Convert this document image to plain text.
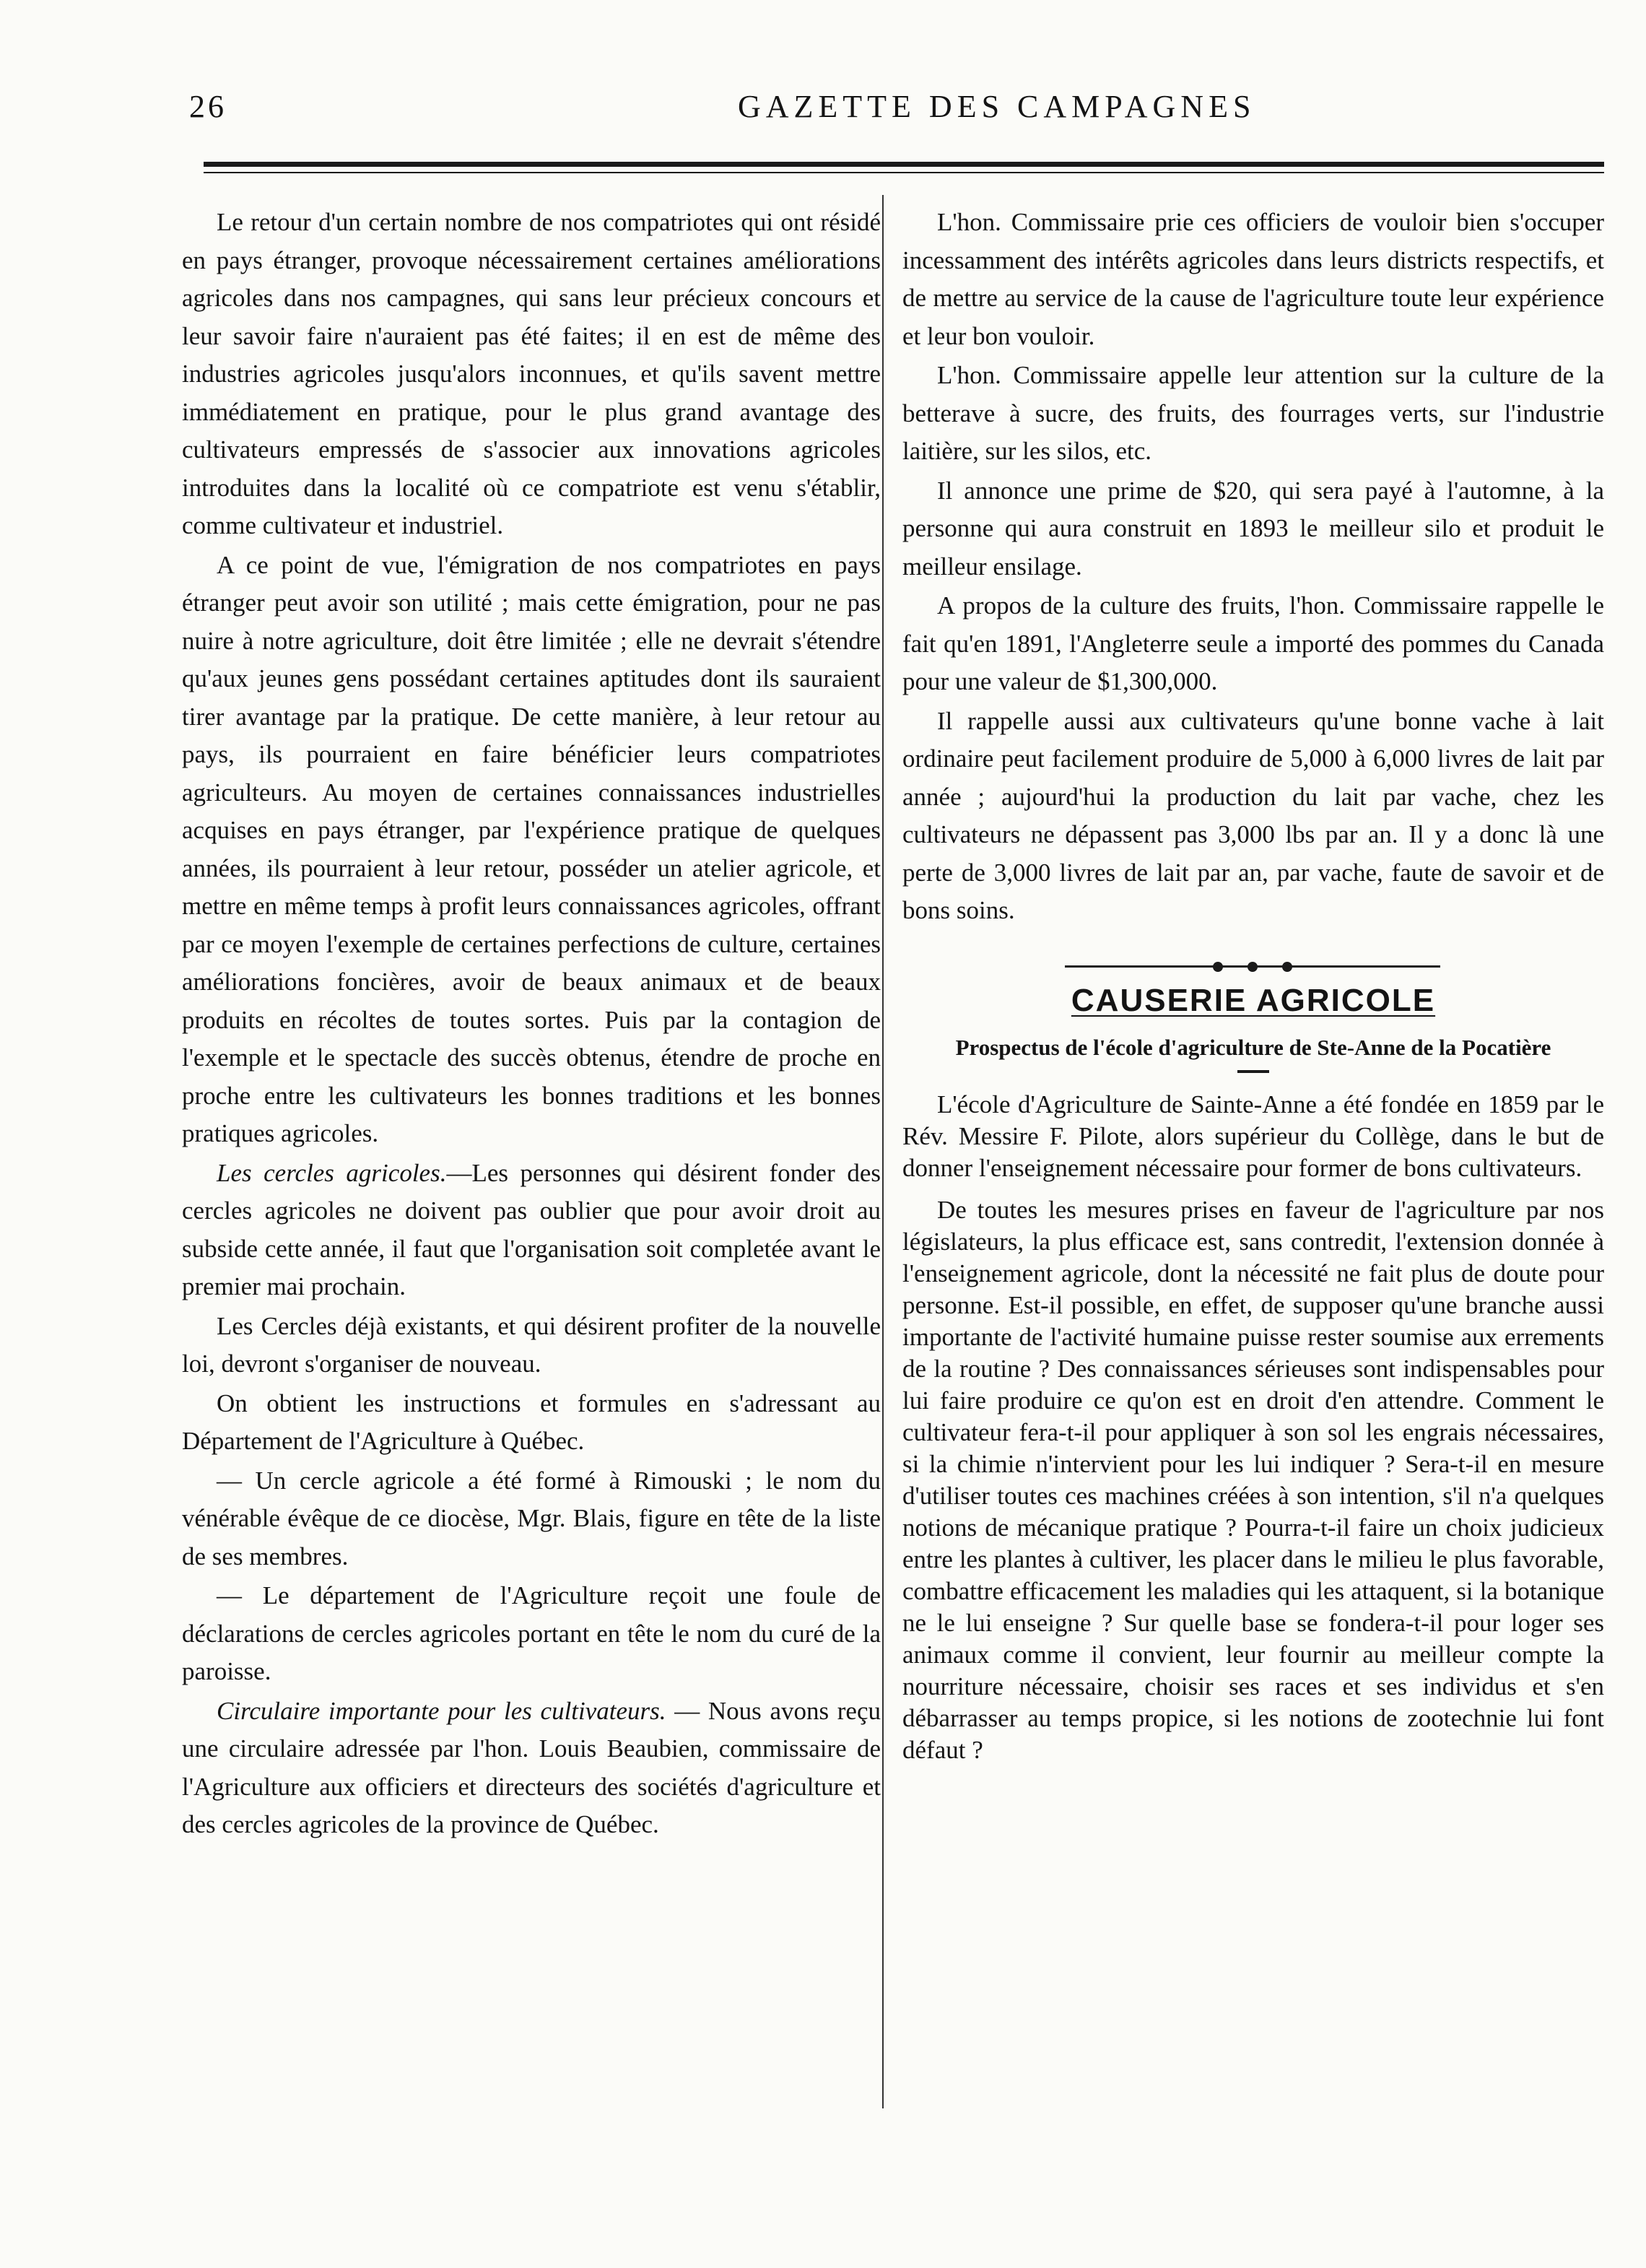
26	GAZETTE DES CAMPAGNES

Le retour d'un certain nombre de nos compatriotes qui ont résidé en pays étranger, provoque nécessairement certaines améliorations agricoles dans nos campagnes, qui sans leur précieux concours et leur savoir faire n'auraient pas été faites; il en est de même des industries agricoles jusqu'alors inconnues, et qu'ils savent mettre immédiatement en pratique, pour le plus grand avantage des cultivateurs empressés de s'associer aux innovations agricoles introduites dans la localité où ce compatriote est venu s'établir, comme cultivateur et industriel.

A ce point de vue, l'émigration de nos compatriotes en pays étranger peut avoir son utilité ; mais cette émigration, pour ne pas nuire à notre agriculture, doit être limitée ; elle ne devrait s'étendre qu'aux jeunes gens possédant certaines aptitudes dont ils sauraient tirer avantage par la pratique. De cette manière, à leur retour au pays, ils pourraient en faire bénéficier leurs compatriotes agriculteurs. Au moyen de certaines connaissances industrielles acquises en pays étranger, par l'expérience pratique de quelques années, ils pourraient à leur retour, posséder un atelier agricole, et mettre en même temps à profit leurs connaissances agricoles, offrant par ce moyen l'exemple de certaines perfections de culture, certaines améliorations foncières, avoir de beaux animaux et de beaux produits en récoltes de toutes sortes. Puis par la contagion de l'exemple et le spectacle des succès obtenus, étendre de proche en proche entre les cultivateurs les bonnes traditions et les bonnes pratiques agricoles.

Les cercles agricoles.—Les personnes qui désirent fonder des cercles agricoles ne doivent pas oublier que pour avoir droit au subside cette année, il faut que l'organisation soit completée avant le premier mai prochain.

Les Cercles déjà existants, et qui désirent profiter de la nouvelle loi, devront s'organiser de nouveau.

On obtient les instructions et formules en s'adressant au Département de l'Agriculture à Québec.

— Un cercle agricole a été formé à Rimouski ; le nom du vénérable évêque de ce diocèse, Mgr. Blais, figure en tête de la liste de ses membres.

— Le département de l'Agriculture reçoit une foule de déclarations de cercles agricoles portant en tête le nom du curé de la paroisse.

Circulaire importante pour les cultivateurs. — Nous avons reçu une circulaire adressée par l'hon. Louis Beaubien, commissaire de l'Agriculture aux officiers et directeurs des sociétés d'agriculture et des cercles agricoles de la province de Québec.

L'hon. Commissaire prie ces officiers de vouloir bien s'occuper incessamment des intérêts agricoles dans leurs districts respectifs, et de mettre au service de la cause de l'agriculture toute leur expérience et leur bon vouloir.

L'hon. Commissaire appelle leur attention sur la culture de la betterave à sucre, des fruits, des fourrages verts, sur l'industrie laitière, sur les silos, etc.

Il annonce une prime de $20, qui sera payé à l'automne, à la personne qui aura construit en 1893 le meilleur silo et produit le meilleur ensilage.

A propos de la culture des fruits, l'hon. Commissaire rappelle le fait qu'en 1891, l'Angleterre seule a importé des pommes du Canada pour une valeur de $1,300,000.

Il rappelle aussi aux cultivateurs qu'une bonne vache à lait ordinaire peut facilement produire de 5,000 à 6,000 livres de lait par année ; aujourd'hui la production du lait par vache, chez les cultivateurs ne dépassent pas 3,000 lbs par an. Il y a donc là une perte de 3,000 livres de lait par an, par vache, faute de savoir et de bons soins.

CAUSERIE AGRICOLE
Prospectus de l'école d'agriculture de Ste-Anne de la Pocatière

L'école d'Agriculture de Sainte-Anne a été fondée en 1859 par le Rév. Messire F. Pilote, alors supérieur du Collège, dans le but de donner l'enseignement nécessaire pour former de bons cultivateurs.

De toutes les mesures prises en faveur de l'agriculture par nos législateurs, la plus efficace est, sans contredit, l'extension donnée à l'enseignement agricole, dont la nécessité ne fait plus de doute pour personne. Est-il possible, en effet, de supposer qu'une branche aussi importante de l'activité humaine puisse rester soumise aux errements de la routine ? Des connaissances sérieuses sont indispensables pour lui faire produire ce qu'on est en droit d'en attendre. Comment le cultivateur fera-t-il pour appliquer à son sol les engrais nécessaires, si la chimie n'intervient pour les lui indiquer ? Sera-t-il en mesure d'utiliser toutes ces machines créées à son intention, s'il n'a quelques notions de mécanique pratique ? Pourra-t-il faire un choix judicieux entre les plantes à cultiver, les placer dans le milieu le plus favorable, combattre efficacement les maladies qui les attaquent, si la botanique ne le lui enseigne ? Sur quelle base se fondera-t-il pour loger ses animaux comme il convient, leur fournir au meilleur compte la nourriture nécessaire, choisir ses races et ses individus et s'en débarrasser au temps propice, si les notions de zootechnie lui font défaut ?
